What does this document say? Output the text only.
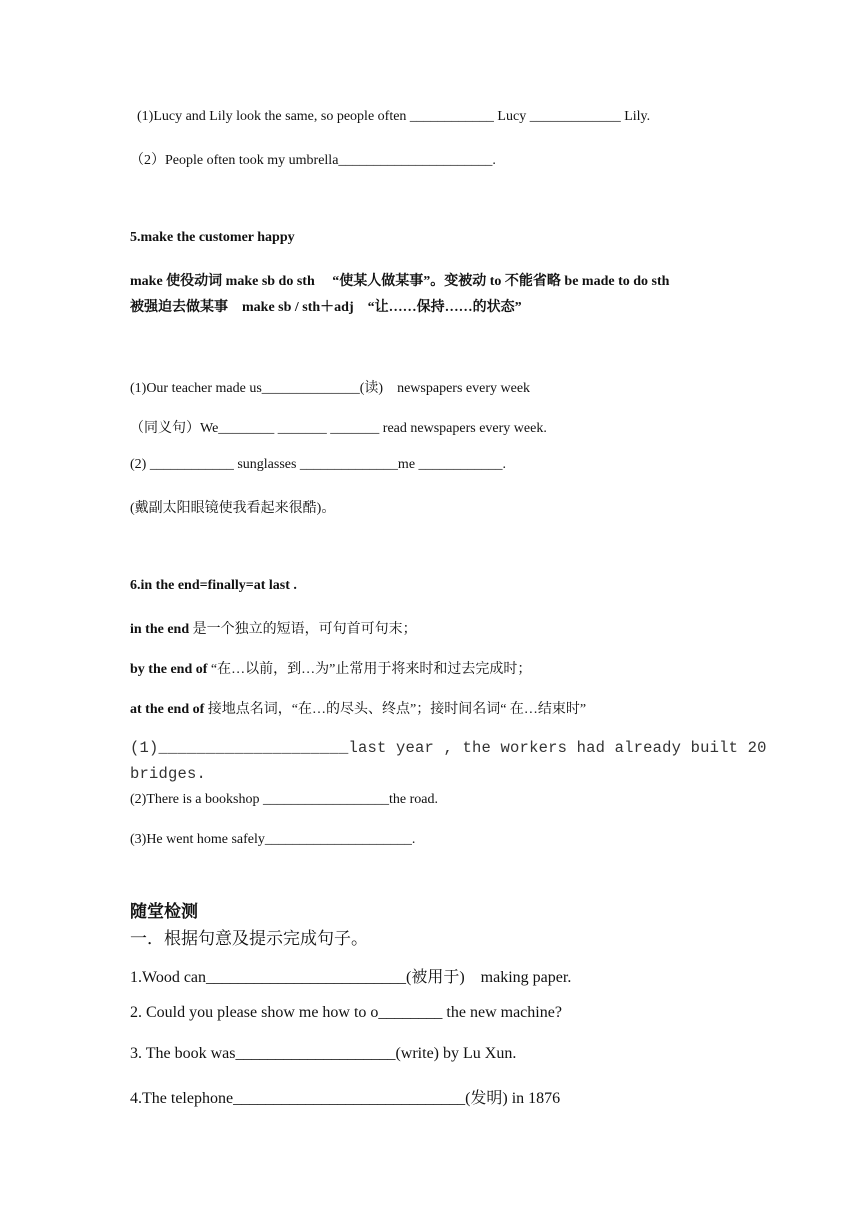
(1)Lucy and Lily look the same, so people often ____________ Lucy _____________ Lily.
（2）People often took my umbrella______________________.
5.make the customer happy
make 使役动词 make sb do sth 　“使某人做某事”。变被动 to 不能省略 be made to do sth
被强迫去做某事　make sb / sth＋adj　“让……保持……的状态”
(1)Our teacher made us______________(读)　newspapers every week
（同义句）We________ _______ _______ read newspapers every week.
(2) ____________ sunglasses ______________me ____________.
(戴副太阳眼镜使我看起来很酷)。
6.in the end=finally=at last .
in the end 是一个独立的短语，可句首可句末；
by the end of “在…以前，到…为”止常用于将来时和过去完成时；
at the end of 接地点名词，“在…的尽头、终点”；接时间名词“ 在…结束时”
(1)____________________last year , the workers had already built 20
bridges.
(2)There is a bookshop __________________the road.
(3)He went home safely_____________________.
随堂检测
一．根据句意及提示完成句子。
1.Wood can_________________________(被用于)　making paper.
2. Could you please show me how to o________ the new machine?
3. The book was____________________(write) by Lu Xun.
4.The telephone_____________________________(发明) in 1876
